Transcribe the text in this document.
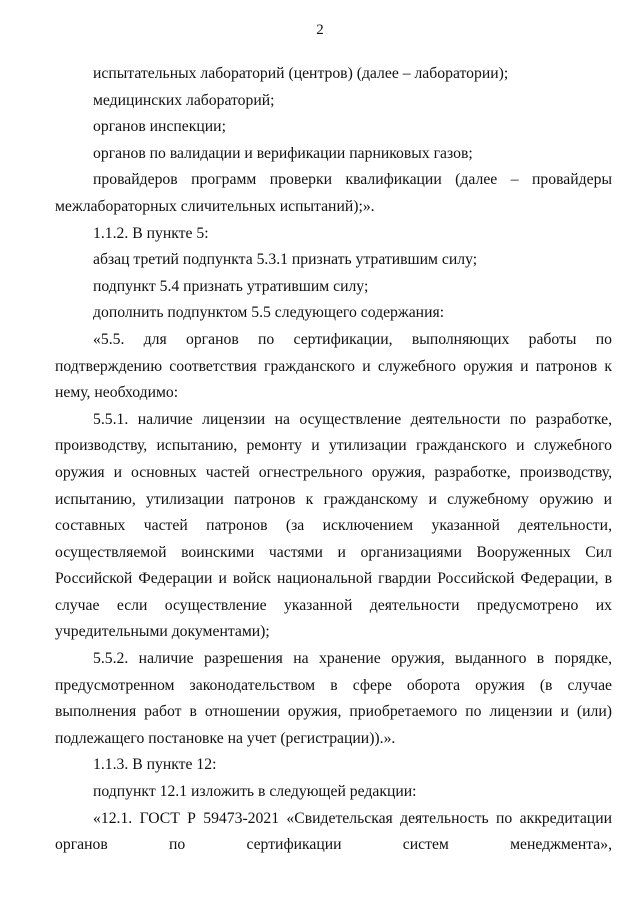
2

испытательных лабораторий (центров) (далее – лаборатории);

медицинских лабораторий;

органов инспекции;

органов по валидации и верификации парниковых газов;

провайдеров программ проверки квалификации (далее – провайдеры межлабораторных сличительных испытаний);».

1.1.2. В пункте 5:

абзац третий подпункта 5.3.1 признать утратившим силу;

подпункт 5.4 признать утратившим силу;

дополнить подпунктом 5.5 следующего содержания:

«5.5. для органов по сертификации, выполняющих работы по подтверждению соответствия гражданского и служебного оружия и патронов к нему, необходимо:

5.5.1. наличие лицензии на осуществление деятельности по разработке, производству, испытанию, ремонту и утилизации гражданского и служебного оружия и основных частей огнестрельного оружия, разработке, производству, испытанию, утилизации патронов к гражданскому и служебному оружию и составных частей патронов (за исключением указанной деятельности, осуществляемой воинскими частями и организациями Вооруженных Сил Российской Федерации и войск национальной гвардии Российской Федерации, в случае если осуществление указанной деятельности предусмотрено их учредительными документами);

5.5.2. наличие разрешения на хранение оружия, выданного в порядке, предусмотренном законодательством в сфере оборота оружия (в случае выполнения работ в отношении оружия, приобретаемого по лицензии и (или) подлежащего постановке на учет (регистрации)).».

1.1.3. В пункте 12:

подпункт 12.1 изложить в следующей редакции:

«12.1. ГОСТ Р 59473-2021 «Свидетельская деятельность по аккредитации органов по сертификации систем менеджмента»,
